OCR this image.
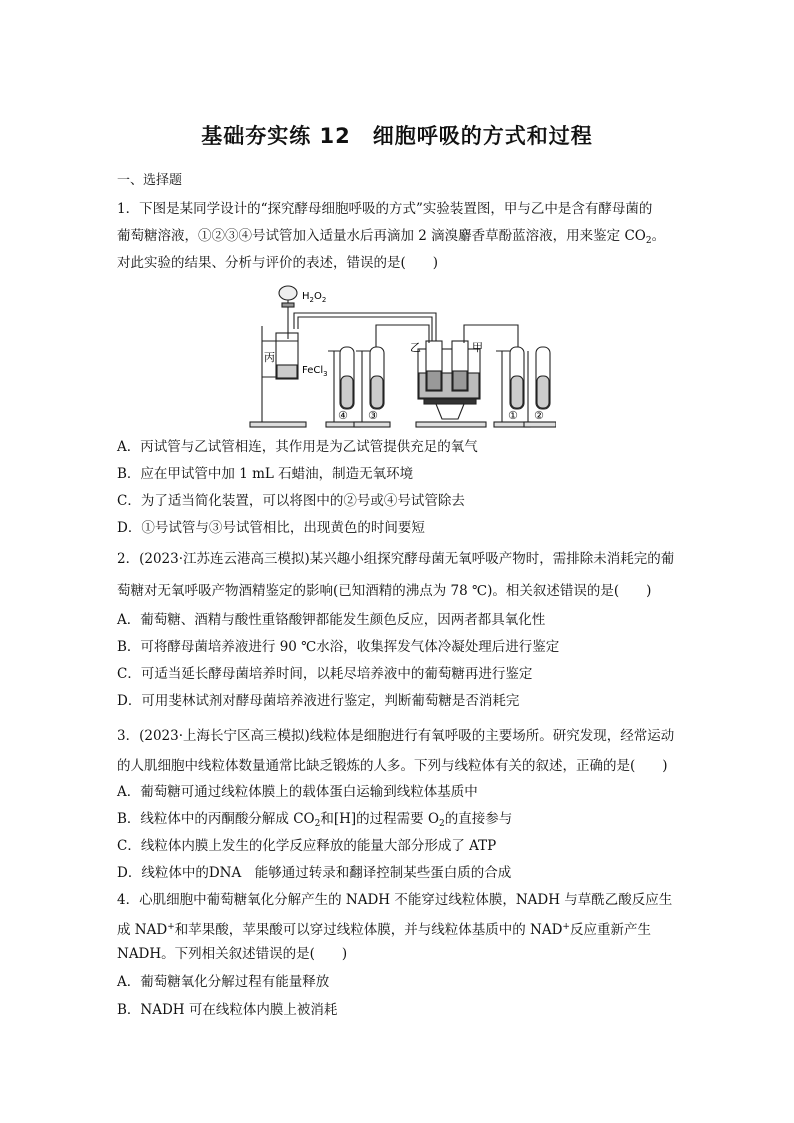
基础夯实练 12　细胞呼吸的方式和过程
一、选择题
1．下图是某同学设计的“探究酵母细胞呼吸的方式”实验装置图，甲与乙中是含有酵母菌的
葡萄糖溶液，①②③④号试管加入适量水后再滴加 2 滴溴麝香草酚蓝溶液，用来鉴定 $CO_2$。
对此实验的结果、分析与评价的表述，错误的是(　　)
$H_2O_2$
FeCl$_3$
丙
乙	甲
④ ③	① ②
A．丙试管与乙试管相连，其作用是为乙试管提供充足的氧气
B．应在甲试管中加 1 mL 石蜡油，制造无氧环境
C．为了适当简化装置，可以将图中的②号或④号试管除去
D．①号试管与③号试管相比，出现黄色的时间要短
2．(2023·江苏连云港高三模拟)某兴趣小组探究酵母菌无氧呼吸产物时，需排除未消耗完的葡
萄糖对无氧呼吸产物酒精鉴定的影响(已知酒精的沸点为 78 ℃)。相关叙述错误的是(　　)
A．葡萄糖、酒精与酸性重铬酸钾都能发生颜色反应，因两者都具氧化性
B．可将酵母菌培养液进行 90 ℃水浴，收集挥发气体冷凝处理后进行鉴定
C．可适当延长酵母菌培养时间，以耗尽培养液中的葡萄糖再进行鉴定
D．可用斐林试剂对酵母菌培养液进行鉴定，判断葡萄糖是否消耗完
3．(2023·上海长宁区高三模拟)线粒体是细胞进行有氧呼吸的主要场所。研究发现，经常运动
的人肌细胞中线粒体数量通常比缺乏锻炼的人多。下列与线粒体有关的叙述，正确的是(　　)
A．葡萄糖可通过线粒体膜上的载体蛋白运输到线粒体基质中
B．线粒体中的丙酮酸分解成 $CO_2$和[H]的过程需要 $O_2$的直接参与
C．线粒体内膜上发生的化学反应释放的能量大部分形成了 ATP
D．线粒体中的DNA　能够通过转录和翻译控制某些蛋白质的合成
4．心肌细胞中葡萄糖氧化分解产生的 NADH 不能穿过线粒体膜，NADH 与草酰乙酸反应生
成 NAD+和苹果酸，苹果酸可以穿过线粒体膜，并与线粒体基质中的 NAD+反应重新产生
NADH。下列相关叙述错误的是(　　)
A．葡萄糖氧化分解过程有能量释放
B．NADH 可在线粒体内膜上被消耗
